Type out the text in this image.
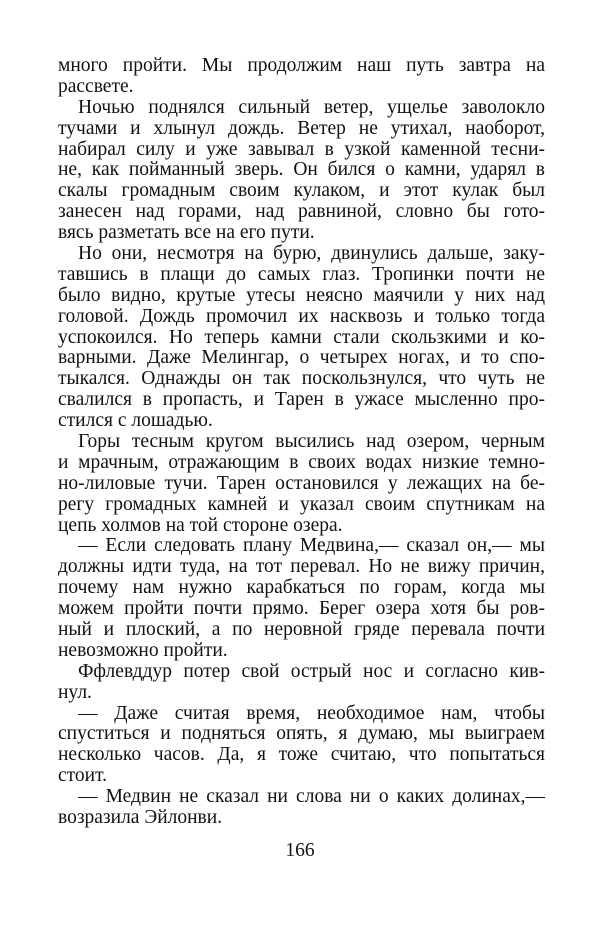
много пройти. Мы продолжим наш путь завтра на
рассвете.
Ночью поднялся сильный ветер, ущелье заволокло
тучами и хлынул дождь. Ветер не утихал, наоборот,
набирал силу и уже завывал в узкой каменной тесни-
не, как пойманный зверь. Он бился о камни, ударял в
скалы громадным своим кулаком, и этот кулак был
занесен над горами, над равниной, словно бы гото-
вясь разметать все на его пути.
Но они, несмотря на бурю, двинулись дальше, заку-
тавшись в плащи до самых глаз. Тропинки почти не
было видно, крутые утесы неясно маячили у них над
головой. Дождь промочил их насквозь и только тогда
успокоился. Но теперь камни стали скользкими и ко-
варными. Даже Мелингар, о четырех ногах, и то спо-
тыкался. Однажды он так поскользнулся, что чуть не
свалился в пропасть, и Тарен в ужасе мысленно про-
стился с лошадью.
Горы тесным кругом высились над озером, черным
и мрачным, отражающим в своих водах низкие темно-
но-лиловые тучи. Тарен остановился у лежащих на бе-
регу громадных камней и указал своим спутникам на
цепь холмов на той стороне озера.
— Если следовать плану Медвина,— сказал он,— мы
должны идти туда, на тот перевал. Но не вижу причин,
почему нам нужно карабкаться по горам, когда мы
можем пройти почти прямо. Берег озера хотя бы ров-
ный и плоский, а по неровной гряде перевала почти
невозможно пройти.
Ффлевддур потер свой острый нос и согласно кив-
нул.
— Даже считая время, необходимое нам, чтобы
спуститься и подняться опять, я думаю, мы выиграем
несколько часов. Да, я тоже считаю, что попытаться
стоит.
— Медвин не сказал ни слова ни о каких долинах,—
возразила Эйлонви.
166
